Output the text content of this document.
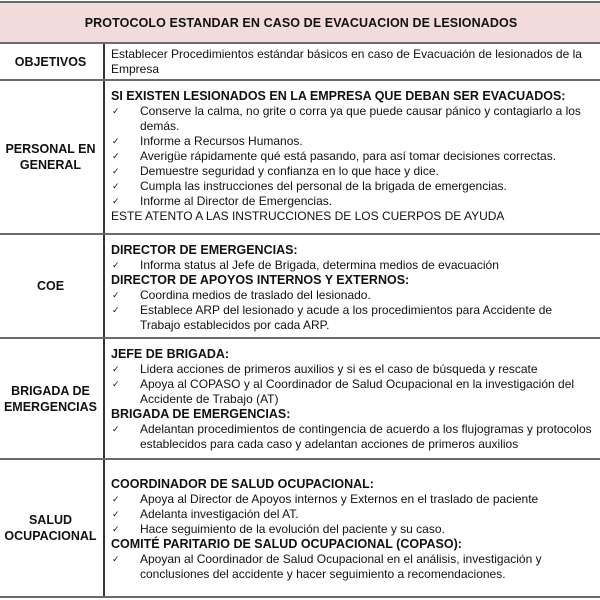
PROTOCOLO ESTANDAR EN CASO DE EVACUACION DE LESIONADOS
OBJETIVOS
Establecer Procedimientos estándar básicos en caso de Evacuación de lesionados de la
Empresa
PERSONAL EN
GENERAL
SI EXISTEN LESIONADOS EN LA EMPRESA QUE DEBAN SER EVACUADOS:
✓ Conserve la calma, no grite o corra ya que puede causar pánico y contagiarlo a los
demás.
✓ Informe a Recursos Humanos.
✓ Averigüe rápidamente qué está pasando, para así tomar decisiones correctas.
✓ Demuestre seguridad y confianza en lo que hace y dice.
✓ Cumpla las instrucciones del personal de la brigada de emergencias.
✓ Informe al Director de Emergencias.
ESTE ATENTO A LAS INSTRUCCIONES DE LOS CUERPOS DE AYUDA
COE
DIRECTOR DE EMERGENCIAS:
✓ Informa status al Jefe de Brigada, determina medios de evacuación
DIRECTOR DE APOYOS INTERNOS Y EXTERNOS:
✓ Coordina medios de traslado del lesionado.
✓ Establece ARP del lesionado y acude a los procedimientos para Accidente de
Trabajo establecidos por cada ARP.
BRIGADA DE
EMERGENCIAS
JEFE DE BRIGADA:
✓ Lidera acciones de primeros auxilios y si es el caso de búsqueda y rescate
✓ Apoya al COPASO y al Coordinador de Salud Ocupacional en la investigación del
Accidente de Trabajo (AT)
BRIGADA DE EMERGENCIAS:
✓ Adelantan procedimientos de contingencia de acuerdo a los flujogramas y protocolos
establecidos para cada caso y adelantan acciones de primeros auxilios
SALUD
OCUPACIONAL
COORDINADOR DE SALUD OCUPACIONAL:
✓ Apoya al Director de Apoyos internos y Externos en el traslado de paciente
✓ Adelanta investigación del AT.
✓ Hace seguimiento de la evolución del paciente y su caso.
COMITÉ PARITARIO DE SALUD OCUPACIONAL (COPASO):
✓ Apoyan al Coordinador de Salud Ocupacional en el análisis, investigación y
conclusiones del accidente y hacer seguimiento a recomendaciones.
